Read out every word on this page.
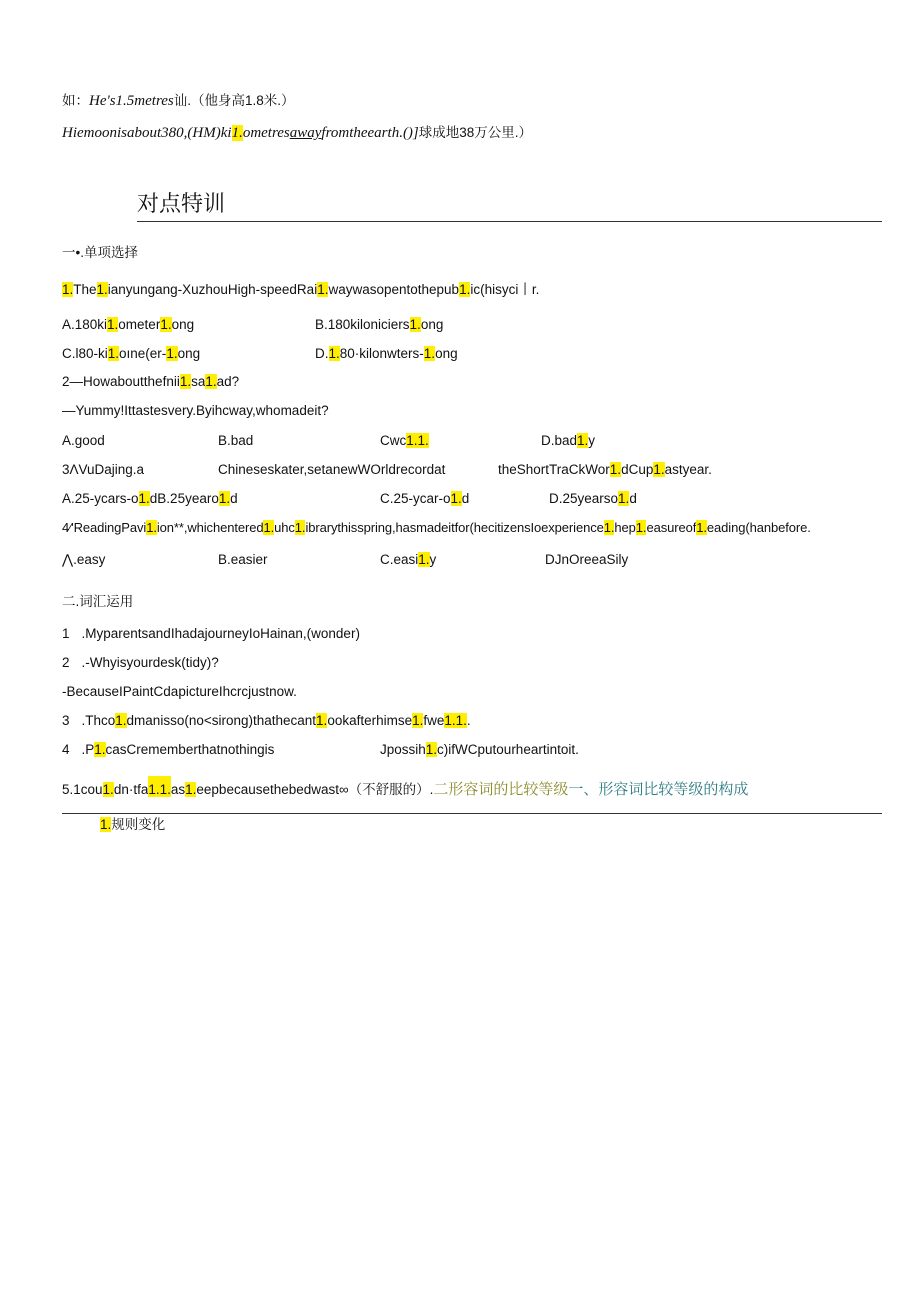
如：He's1.5metres讪.（他身高1.8米.）
Hiemoonisabout380,(HM)ki1.ometresawayfromtheearth.()]球成地38万公里.）
对点特训
一•.单项选择
1.The1.ianyungang-XuzhouHigh-speedRai1.waywasopentothepub1.ic(hisyci丨r.
A.180ki1.ometer1.ong	B.180kiloniciers1.ong
C.l80-ki1.oıne(er-1.ong	D.1.80·kilonwters-1.ong
2—Howaboutthefnii1.sa1.ad?
—Yummy!Ittastesvery.Byihcway,whomadeit?
A.good	B.bad	Cwc1.1.	D.bad1.y
3ΛVuDajing.a	Chineseskater,setanewWOrldrecordat	theShortTraCkWor1.dCup1.astyear.
A.25-ycars-o1.dB.25yearo1.d	C.25-ycar-o1.d	D.25yearso1.d
4⁄'ReadingPavi1.ion**,whichentered1.uhc1.ibrarythisspring,hasmadeitfor(hecitizensIoexperience1.hep1.easureof1.eading(hanbefore.
⋀.easy	B.easier	C.easi1.y	DJnOreeaSily
二.词汇运用
1 .MyparentsandIhadajourneyIoHainan,(wonder)
2 .-Whyisyourdesk(tidy)?
-BecauseIPaintCdapictureIhcrcjustnow.
3 .Thco1.dmanisso(no<sirong)thathecant1.ookafterhimse1.fwe1.1..
4 .P1.casCrememberthatnothingis	Jpossih1.c)ifWCputourheartintoit.
5.1cou1.dn·tfa1.1.as1.eepbecausethebedwast∞（不舒服的）.二形容词的比较等级一、形容词比较等级的构成
1.规则变化
